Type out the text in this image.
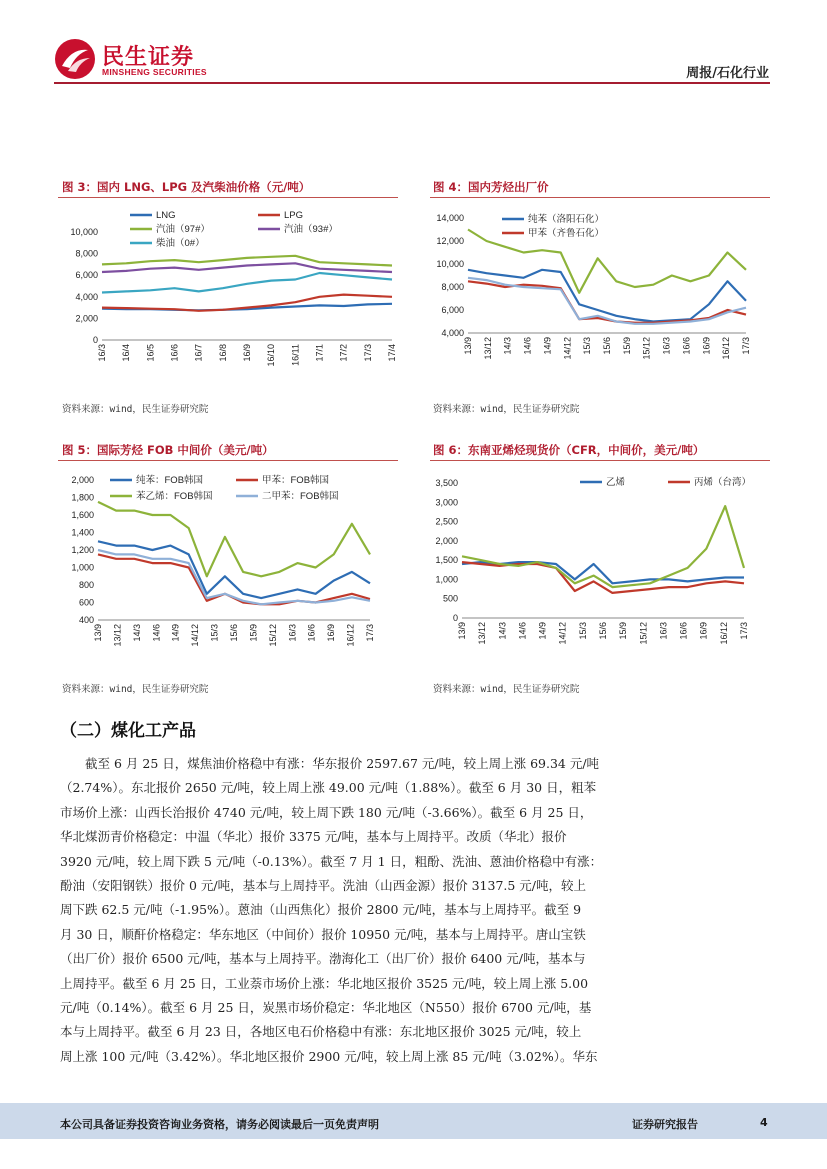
民生证券
MINSHENG SECURITIES	周报/石化行业
图 3：国内 LNG、LPG 及汽柴油价格（元/吨）
0
2,000
4,000
6,000
8,000
10,000
16/3 16/4 16/5 16/6 16/7 16/8 16/9 16/10 16/11 17/1 17/2 17/3 17/4
LNG	LPG
汽油（97#）	汽油（93#）
柴油（0#）
资料来源：wind，民生证券研究院
图 4：国内芳烃出厂价
4,000
6,000
8,000
10,000
12,000
14,000
13/9 13/12 14/3 14/6 14/9 14/12 15/3 15/6 15/9 15/12 16/3 16/6 16/9 16/12 17/3
纯苯（洛阳石化）
甲苯（齐鲁石化）
资料来源：wind，民生证券研究院
图 5：国际芳烃 FOB 中间价（美元/吨）
400
600
800
1,000
1,200
1,400
1,600
1,800
2,000
13/9 13/12 14/3 14/6 14/9 14/12 15/3 15/6 15/9 15/12 16/3 16/6 16/9 16/12 17/3
纯苯：FOB韩国	甲苯：FOB韩国
苯乙烯：FOB韩国	二甲苯：FOB韩国
资料来源：wind，民生证券研究院
图 6：东南亚烯烃现货价（CFR，中间价，美元/吨）
0
500
1,000
1,500
2,000
2,500
3,000
3,500
13/9 13/12 14/3 14/6 14/9 14/12 15/3 15/6 15/9 15/12 16/3 16/6 16/9 16/12 17/3
乙烯	丙烯（台湾）
资料来源：wind，民生证券研究院
（二）煤化工产品
截至 6 月 25 日，煤焦油价格稳中有涨：华东报价 2597.67 元/吨，较上周上涨 69.34 元/吨
（2.74%）。东北报价 2650 元/吨，较上周上涨 49.00 元/吨（1.88%）。截至 6 月 30 日，粗苯
市场价上涨：山西长治报价 4740 元/吨，较上周下跌 180 元/吨（-3.66%）。截至 6 月 25 日，
华北煤沥青价格稳定：中温（华北）报价 3375 元/吨，基本与上周持平。改质（华北）报价
3920 元/吨，较上周下跌 5 元/吨（-0.13%）。截至 7 月 1 日，粗酚、洗油、蒽油价格稳中有涨：
酚油（安阳钢铁）报价 0 元/吨，基本与上周持平。洗油（山西金源）报价 3137.5 元/吨，较上
周下跌 62.5 元/吨（-1.95%）。蒽油（山西焦化）报价 2800 元/吨，基本与上周持平。截至 9
月 30 日，顺酐价格稳定：华东地区（中间价）报价 10950 元/吨，基本与上周持平。唐山宝铁
（出厂价）报价 6500 元/吨，基本与上周持平。渤海化工（出厂价）报价 6400 元/吨，基本与
上周持平。截至 6 月 25 日，工业萘市场价上涨：华北地区报价 3525 元/吨，较上周上涨 5.00
元/吨（0.14%）。截至 6 月 25 日，炭黑市场价稳定：华北地区（N550）报价 6700 元/吨，基
本与上周持平。截至 6 月 23 日，各地区电石价格稳中有涨：东北地区报价 3025 元/吨，较上
周上涨 100 元/吨（3.42%）。华北地区报价 2900 元/吨，较上周上涨 85 元/吨（3.02%）。华东
本公司具备证券投资咨询业务资格，请务必阅读最后一页免责声明	证券研究报告	4
